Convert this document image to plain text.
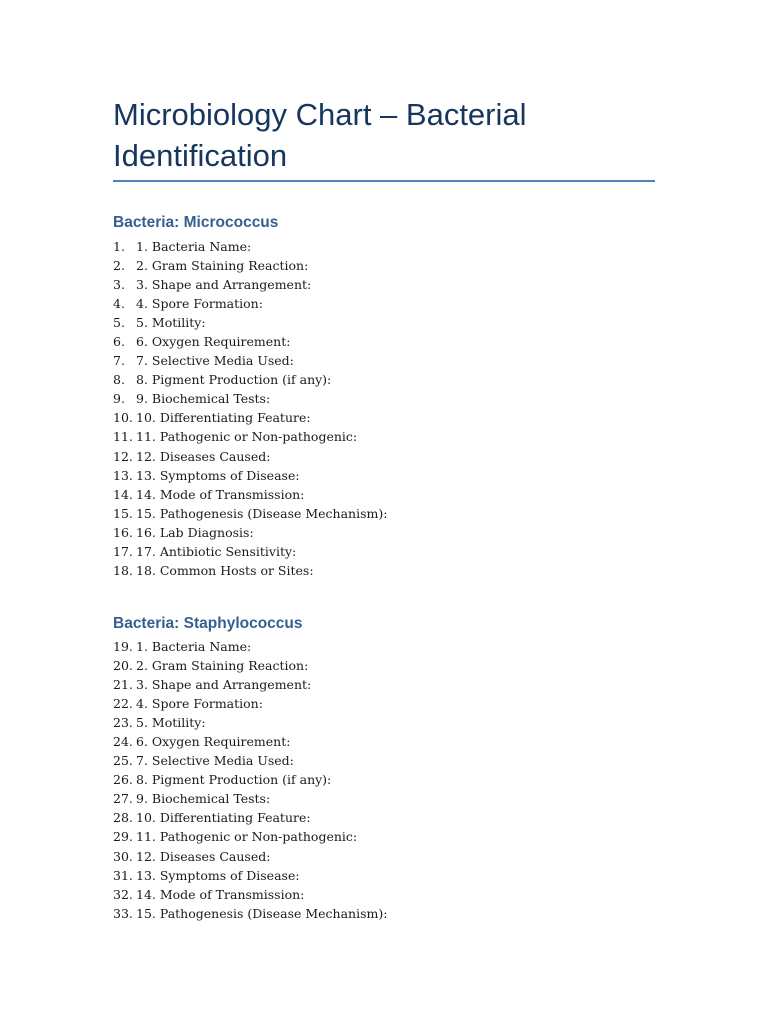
Microbiology Chart – Bacterial Identification
Bacteria: Micrococcus
1. 1. Bacteria Name:
2. 2. Gram Staining Reaction:
3. 3. Shape and Arrangement:
4. 4. Spore Formation:
5. 5. Motility:
6. 6. Oxygen Requirement:
7. 7. Selective Media Used:
8. 8. Pigment Production (if any):
9. 9. Biochemical Tests:
10. 10. Differentiating Feature:
11. 11. Pathogenic or Non-pathogenic:
12. 12. Diseases Caused:
13. 13. Symptoms of Disease:
14. 14. Mode of Transmission:
15. 15. Pathogenesis (Disease Mechanism):
16. 16. Lab Diagnosis:
17. 17. Antibiotic Sensitivity:
18. 18. Common Hosts or Sites:
Bacteria: Staphylococcus
19. 1. Bacteria Name:
20. 2. Gram Staining Reaction:
21. 3. Shape and Arrangement:
22. 4. Spore Formation:
23. 5. Motility:
24. 6. Oxygen Requirement:
25. 7. Selective Media Used:
26. 8. Pigment Production (if any):
27. 9. Biochemical Tests:
28. 10. Differentiating Feature:
29. 11. Pathogenic or Non-pathogenic:
30. 12. Diseases Caused:
31. 13. Symptoms of Disease:
32. 14. Mode of Transmission:
33. 15. Pathogenesis (Disease Mechanism):
